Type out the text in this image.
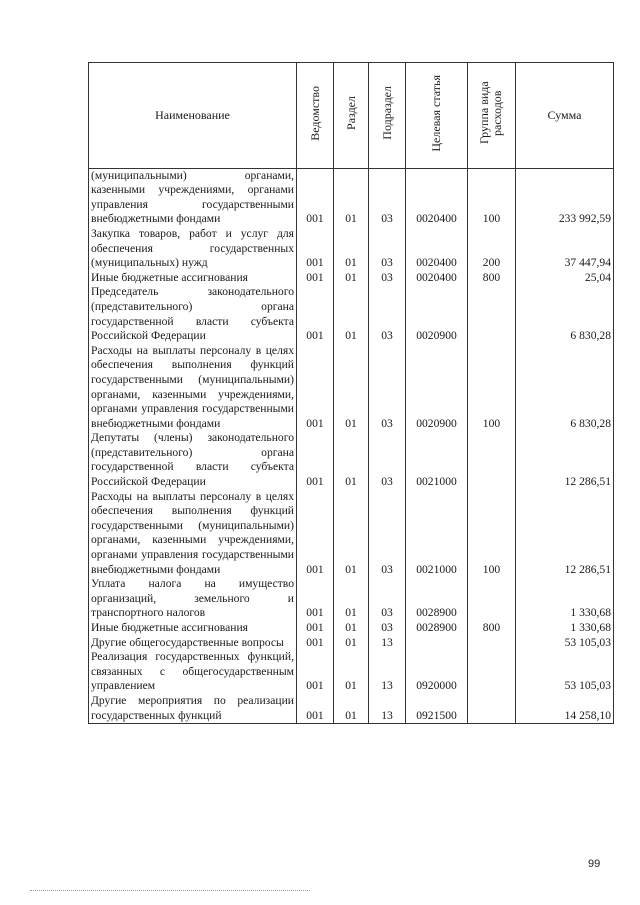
Наименование	Ведомство	Раздел	Подраздел	Целевая статья	Группа вида расходов	Сумма
(муниципальными) органами, казенными учреждениями, органами управления государственными внебюджетными фондами	001	01	03	0020400	100	233 992,59
Закупка товаров, работ и услуг для обеспечения государственных (муниципальных) нужд	001	01	03	0020400	200	37 447,94
Иные бюджетные ассигнования	001	01	03	0020400	800	25,04
Председатель законодательного (представительного) органа государственной власти субъекта Российской Федерации	001	01	03	0020900		6 830,28
Расходы на выплаты персоналу в целях обеспечения выполнения функций государственными (муниципальными) органами, казенными учреждениями, органами управления государственными внебюджетными фондами	001	01	03	0020900	100	6 830,28
Депутаты (члены) законодательного (представительного) органа государственной власти субъекта Российской Федерации	001	01	03	0021000		12 286,51
Расходы на выплаты персоналу в целях обеспечения выполнения функций государственными (муниципальными) органами, казенными учреждениями, органами управления государственными внебюджетными фондами	001	01	03	0021000	100	12 286,51
Уплата налога на имущество организаций, земельного и транспортного налогов	001	01	03	0028900		1 330,68
Иные бюджетные ассигнования	001	01	03	0028900	800	1 330,68
Другие общегосударственные вопросы	001	01	13			53 105,03
Реализация государственных функций, связанных с общегосударственным управлением	001	01	13	0920000		53 105,03
Другие мероприятия по реализации государственных функций	001	01	13	0921500		14 258,10
99
